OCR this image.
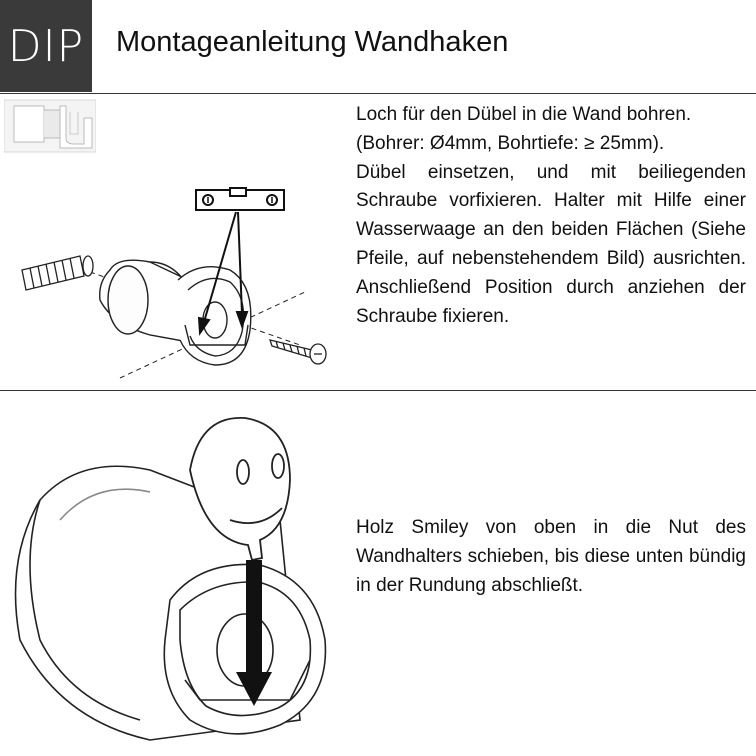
DIP Montageanleitung Wandhaken

Loch für den Dübel in die Wand bohren.

(Bohrer: Ø4mm, Bohrtiefe: ≥ 25mm).

Dübel einsetzen, und mit beiliegenden Schraube vorfixieren. Halter mit Hilfe einer Wasserwaage an den beiden Flächen (Siehe Pfeile, auf nebenstehendem Bild) ausrichten. Anschließend Position durch anziehen der Schraube fixieren.

Holz Smiley von oben in die Nut des Wandhalters schieben, bis diese unten bündig in der Rundung abschließt.
